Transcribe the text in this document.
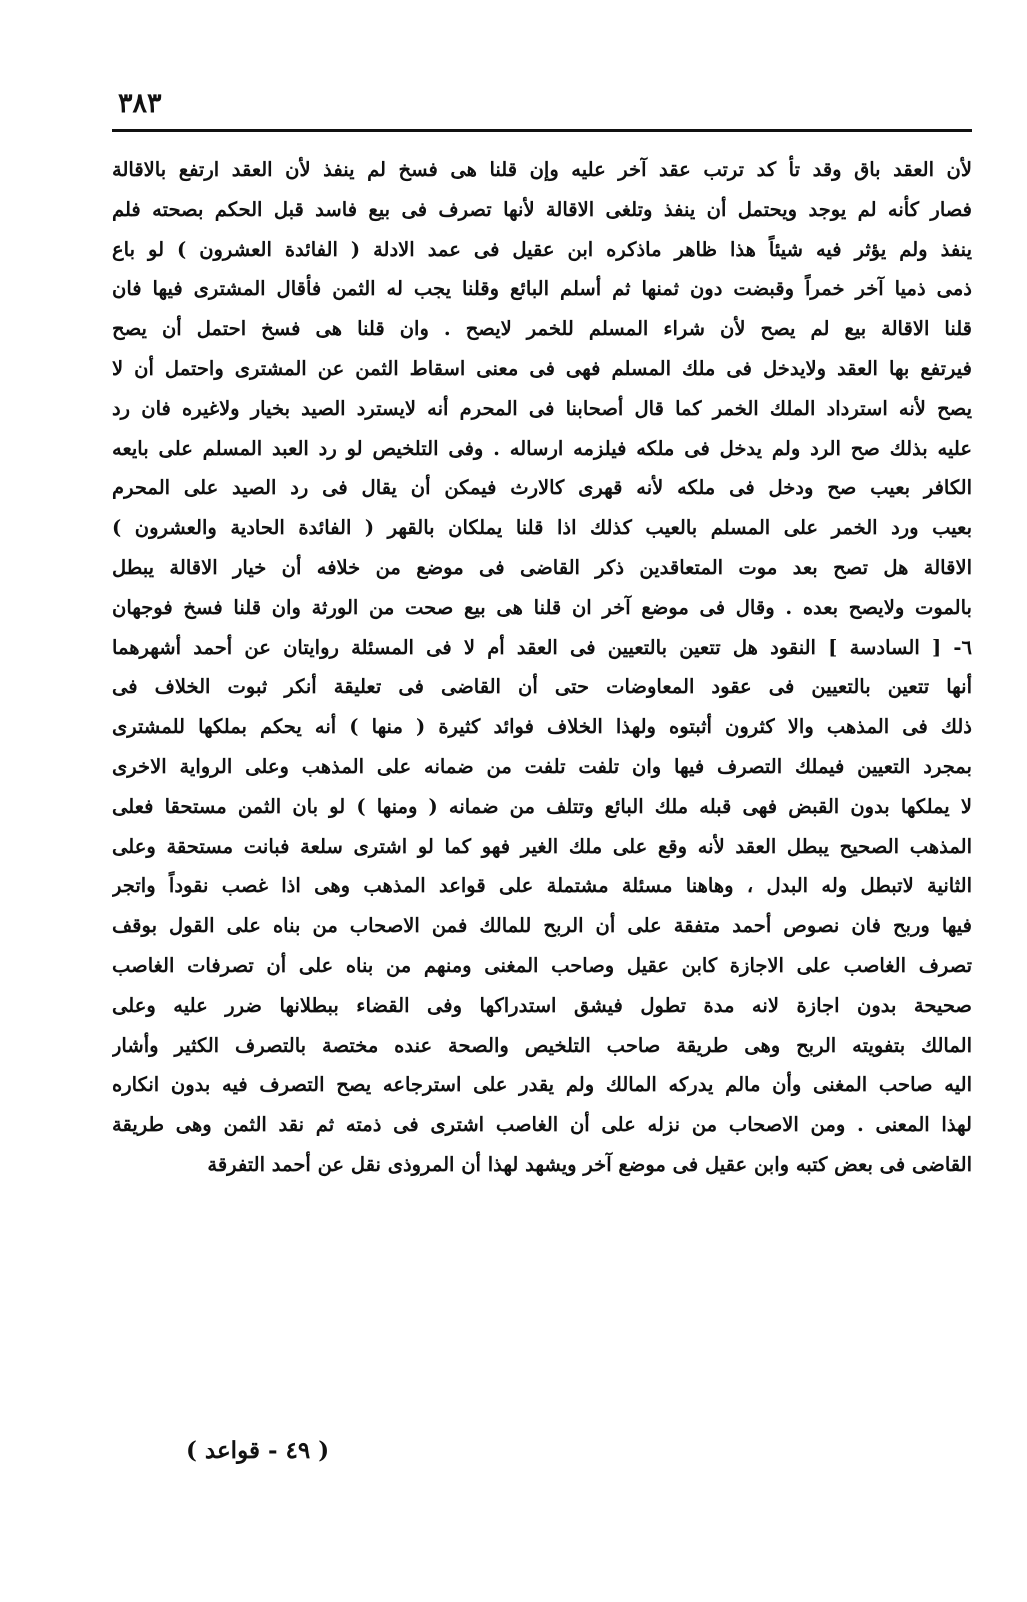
٣٨٣
لأن العقد باق وقد تأ كد ترتب عقد آخر عليه وإن قلنا هى فسخ لم ينفذ لأن العقد ارتفع بالاقالة
فصار كأنه لم يوجد ويحتمل أن ينفذ وتلغى الاقالة لأنها تصرف فى بيع فاسد قبل الحكم بصحته فلم
ينفذ ولم يؤثر فيه شيئاً هذا ظاهر ماذكره ابن عقيل فى عمد الادلة ( الفائدة العشرون ) لو باع
ذمى ذميا آخر خمراً وقبضت دون ثمنها ثم أسلم البائع وقلنا يجب له الثمن فأقال المشترى فيها فان
قلنا الاقالة بيع لم يصح لأن شراء المسلم للخمر لايصح . وان قلنا هى فسخ احتمل أن يصح
فيرتفع بها العقد ولايدخل فى ملك المسلم فهى فى معنى اسقاط الثمن عن المشترى واحتمل أن لا
يصح لأنه استرداد الملك الخمر كما قال أصحابنا فى المحرم أنه لايسترد الصيد بخيار ولاغيره فان رد
عليه بذلك صح الرد ولم يدخل فى ملكه فيلزمه ارساله . وفى التلخيص لو رد العبد المسلم على بايعه
الكافر بعيب صح ودخل فى ملكه لأنه قهرى كالارث فيمكن أن يقال فى رد الصيد على المحرم
بعيب ورد الخمر على المسلم بالعيب كذلك اذا قلنا يملكان بالقهر ( الفائدة الحادية والعشرون )
الاقالة هل تصح بعد موت المتعاقدين ذكر القاضى فى موضع من خلافه أن خيار الاقالة يبطل
بالموت ولايصح بعده . وقال فى موضع آخر ان قلنا هى بيع صحت من الورثة وان قلنا فسخ فوجهان
٦- [ السادسة ] النقود هل تتعين بالتعيين فى العقد أم لا فى المسئلة روايتان عن أحمد أشهرهما
أنها تتعين بالتعيين فى عقود المعاوضات حتى أن القاضى فى تعليقة أنكر ثبوت الخلاف فى
ذلك فى المذهب والا كثرون أثبتوه ولهذا الخلاف فوائد كثيرة ( منها ) أنه يحكم بملكها للمشترى
بمجرد التعيين فيملك التصرف فيها وان تلفت تلفت من ضمانه على المذهب وعلى الرواية الاخرى
لا يملكها بدون القبض فهى قبله ملك البائع وتتلف من ضمانه ( ومنها ) لو بان الثمن مستحقا فعلى
المذهب الصحيح يبطل العقد لأنه وقع على ملك الغير فهو كما لو اشترى سلعة فبانت مستحقة وعلى
الثانية لاتبطل وله البدل ، وهاهنا مسئلة مشتملة على قواعد المذهب وهى اذا غصب نقوداً واتجر
فيها وربح فان نصوص أحمد متفقة على أن الربح للمالك فمن الاصحاب من بناه على القول بوقف
تصرف الغاصب على الاجازة كابن عقيل وصاحب المغنى ومنهم من بناه على أن تصرفات الغاصب
صحيحة بدون اجازة لانه مدة تطول فيشق استدراكها وفى القضاء ببطلانها ضرر عليه وعلى
المالك بتفويته الربح وهى طريقة صاحب التلخيص والصحة عنده مختصة بالتصرف الكثير وأشار
اليه صاحب المغنى وأن مالم يدركه المالك ولم يقدر على استرجاعه يصح التصرف فيه بدون انكاره
لهذا المعنى . ومن الاصحاب من نزله على أن الغاصب اشترى فى ذمته ثم نقد الثمن وهى طريقة
القاضى فى بعض كتبه وابن عقيل فى موضع آخر ويشهد لهذا أن المروذى نقل عن أحمد التفرقة
( ٤٩ - قواعد )
